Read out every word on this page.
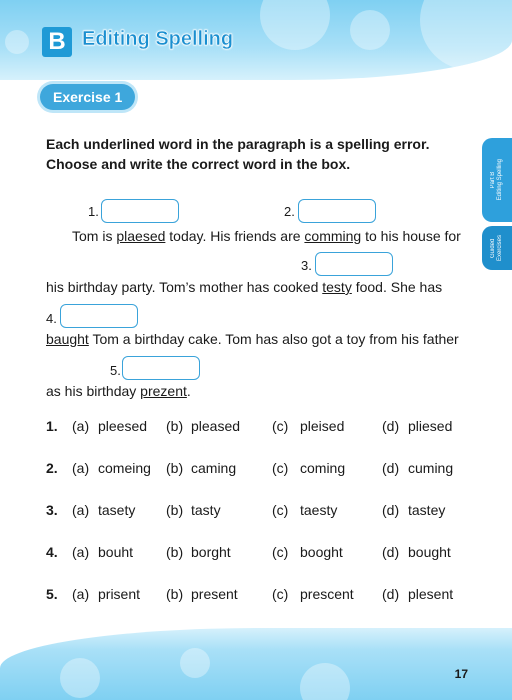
B Editing Spelling
Exercise 1
Part B
Editing Spelling
Guided Exercises
Each underlined word in the paragraph is a spelling error. Choose and write the correct word in the box.
1.	2.
3.
4.
5.
Tom is plaesed today. His friends are comming to his house for
his birthday party. Tom’s mother has cooked testy food. She has
baught Tom a birthday cake. Tom has also got a toy from his father
as his birthday prezent.
1. (a) pleesed (b) pleased (c) pleised	(d) pliesed
2. (a) comeing (b) caming	(c) coming	(d) cuming
3. (a) tasety (b) tasty	(c) taesty	(d) tastey
4. (a) bouht (b) borght	(c) booght	(d) bought
5. (a) prisent (b) present (c) prescent (d) plesent
17
